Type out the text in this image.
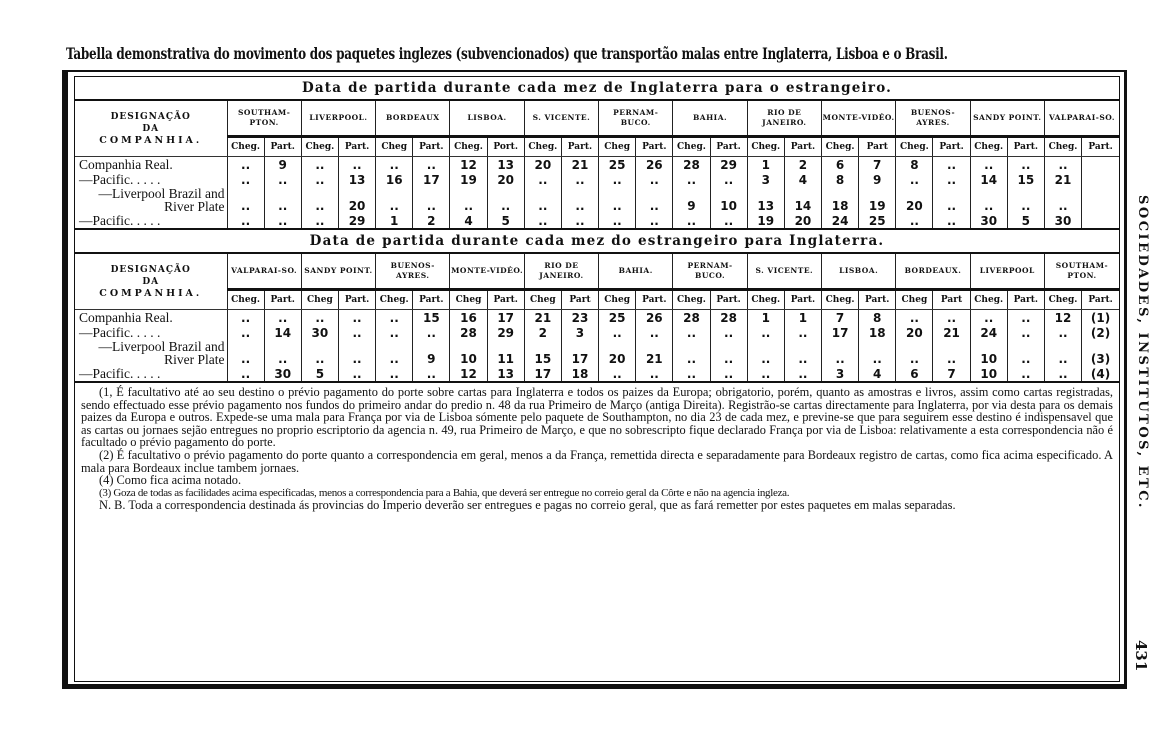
Tabella demonstrativa do movimento dos paquetes inglezes (subvencionados) que transportão malas entre Inglaterra, Lisboa e o Brasil.
Data de partida durante cada mez de Inglaterra para o estrangeiro.
DESIGNAÇÃO
DA
COMPANHIA.	SOUTHAM-PTON.		LIVERPOOL.		BORDEAUX		LISBOA.		S. VICENTE.		PERNAM-BUCO.		BAHIA.		RIO DE JANEIRO.		MONTE-VIDÉO.		BUENOS-AYRES.		SANDY POINT.		VALPARAI-SO.	
	Cheg.	Part.	Cheg.	Part.	Cheg	Part.	Cheg.	Port.	Cheg.	Part.	Cheg	Part.	Cheg.	Part.	Cheg.	Part.	Cheg.	Part	Cheg.	Part.	Cheg.	Part.	Cheg.	Part.
Companhia Real.	..	9	..	..	..	..	12	13	20	21	25	26	28	29	1	2	6	7	8	..	..	..	..	
—Pacific. . . . .	..	..	..	13	16	17	19	20	..	..	..	..	..	..	3	4	8	9	..	..	14	15	21	
—Liverpool Brazil and River Plate	..	..	..	20	..	..	..	..	..	..	..	..	9	10	13	14	18	19	20	..	..	..	..	
—Pacific. . . . .	..	..	..	29	1	2	4	5	..	..	..	..	..	..	19	20	24	25	..	..	30	5	30	
Data de partida durante cada mez do estrangeiro para Inglaterra.
DESIGNAÇÃO
DA
COMPANHIA.	VALPARAI-SO.		SANDY POINT.		BUENOS-AYRES.		MONTE-VIDÉO.		RIO DE JANEIRO.		BAHIA.		PERNAM-BUCO.		S. VICENTE.		LISBOA.		BORDEAUX.		LIVERPOOL		SOUTHAM-PTON.	
	Cheg.	Part.	Cheg	Part.	Cheg.	Part.	Cheg	Part.	Cheg	Part	Cheg	Part.	Cheg.	Part.	Cheg.	Part.	Cheg.	Part.	Cheg	Part	Cheg.	Part.	Cheg.	Part.
Companhia Real.	..	..	..	..	..	15	16	17	21	23	25	26	28	28	1	1	7	8	..	..	..	..	12	(1)
—Pacific. . . . .	..	14	30	..	..	..	28	29	2	3	..	..	..	..	..	..	17	18	20	21	24	..	..	(2)
—Liverpool Brazil and River Plate	..	..	..	..	..	9	10	11	15	17	20	21	..	..	..	..	..	..	..	..	10	..	..	(3)
—Pacific. . . . .	..	30	5	..	..	..	12	13	17	18	..	..	..	..	..	..	3	4	6	7	10	..	..	(4)

(1, É facultativo até ao seu destino o prévio pagamento do porte sobre cartas para Inglaterra e todos os paizes da Europa; obrigatorio, porém, quanto as amostras e livros, assim como cartas registradas, sendo effectuado esse prévio pagamento nos fundos do primeiro andar do predio n. 48 da rua Primeiro de Março (antiga Direita). Registrão-se cartas directamente para Inglaterra, por via desta para os demais paizes da Europa e outros. Expede-se uma mala para França por via de Lisboa sómente pelo paquete de Southampton, no dia 23 de cada mez, e previne-se que para seguirem esse destino é indispensavel que as cartas ou jornaes sejão entregues no proprio escriptorio da agencia n. 49, rua Primeiro de Março, e que no sobrescripto fique declarado França por via de Lisboa: relativamente a esta correspondencia não é facultado o prévio pagamento do porte.

(2) É facultativo o prévio pagamento do porte quanto a correspondencia em geral, menos a da França, remettida directa e separadamente para Bordeaux registro de cartas, como fica acima especificado. A mala para Bordeaux inclue tambem jornaes.

(4) Como fica acima notado.

(3) Goza de todas as facilidades acima especificadas, menos a correspondencia para a Bahia, que deverá ser entregue no correio geral da Côrte e não na agencia ingleza.

N. B. Toda a correspondencia destinada ás provincias do Imperio deverão ser entregues e pagas no correio geral, que as fará remetter por estes paquetes em malas separadas.	SOCIEDADES, INSTITUTOS, ETC.
431
